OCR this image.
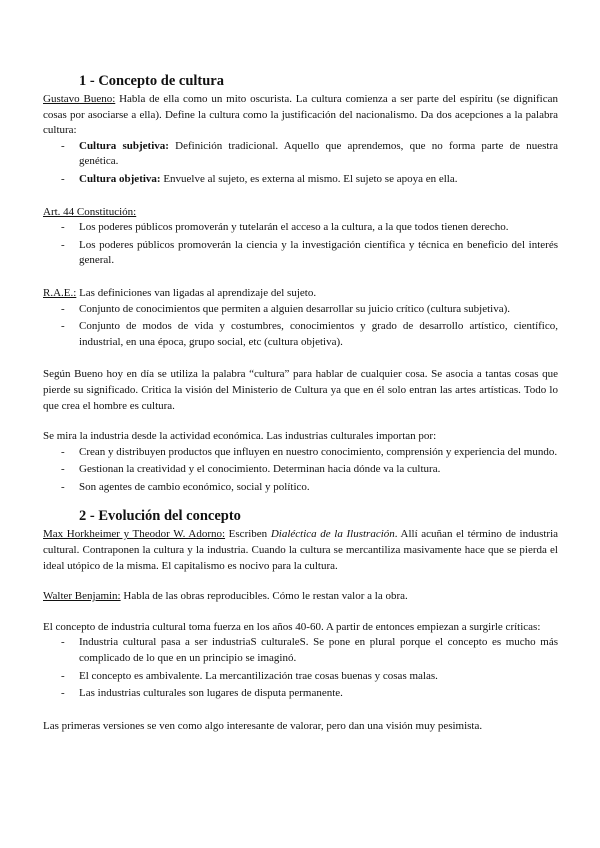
1 - Concepto de cultura

Gustavo Bueno: Habla de ella como un mito oscurista. La cultura comienza a ser parte del espíritu (se dignifican cosas por asociarse a ella). Define la cultura como la justificación del nacionalismo. Da dos acepciones a la palabra cultura:

- Cultura subjetiva: Definición tradicional. Aquello que aprendemos, que no forma parte de nuestra genética.
- Cultura objetiva: Envuelve al sujeto, es externa al mismo. El sujeto se apoya en ella.

Art. 44 Constitución:

- Los poderes públicos promoverán y tutelarán el acceso a la cultura, a la que todos tienen derecho.
- Los poderes públicos promoverán la ciencia y la investigación científica y técnica en beneficio del interés general.

R.A.E.: Las definiciones van ligadas al aprendizaje del sujeto.

- Conjunto de conocimientos que permiten a alguien desarrollar su juicio crítico (cultura subjetiva).
- Conjunto de modos de vida y costumbres, conocimientos y grado de desarrollo artístico, científico, industrial, en una época, grupo social, etc (cultura objetiva).

Según Bueno hoy en día se utiliza la palabra “cultura” para hablar de cualquier cosa. Se asocia a tantas cosas que pierde su significado. Critica la visión del Ministerio de Cultura ya que en él solo entran las artes artísticas. Todo lo que crea el hombre es cultura.

Se mira la industria desde la actividad económica. Las industrias culturales importan por:

- Crean y distribuyen productos que influyen en nuestro conocimiento, comprensión y experiencia del mundo.
- Gestionan la creatividad y el conocimiento. Determinan hacia dónde va la cultura.
- Son agentes de cambio económico, social y político.
2 - Evolución del concepto

Max Horkheimer y Theodor W. Adorno: Escriben Dialéctica de la Ilustración. Allí acuñan el término de industria cultural. Contraponen la cultura y la industria. Cuando la cultura se mercantiliza masivamente hace que se pierda el ideal utópico de la misma. El capitalismo es nocivo para la cultura.

Walter Benjamin: Habla de las obras reproducibles. Cómo le restan valor a la obra.

El concepto de industria cultural toma fuerza en los años 40-60. A partir de entonces empiezan a surgirle críticas:

- Industria cultural pasa a ser industriaS culturaleS. Se pone en plural porque el concepto es mucho más complicado de lo que en un principio se imaginó.
- El concepto es ambivalente. La mercantilización trae cosas buenas y cosas malas.
- Las industrias culturales son lugares de disputa permanente.

Las primeras versiones se ven como algo interesante de valorar, pero dan una visión muy pesimista.
